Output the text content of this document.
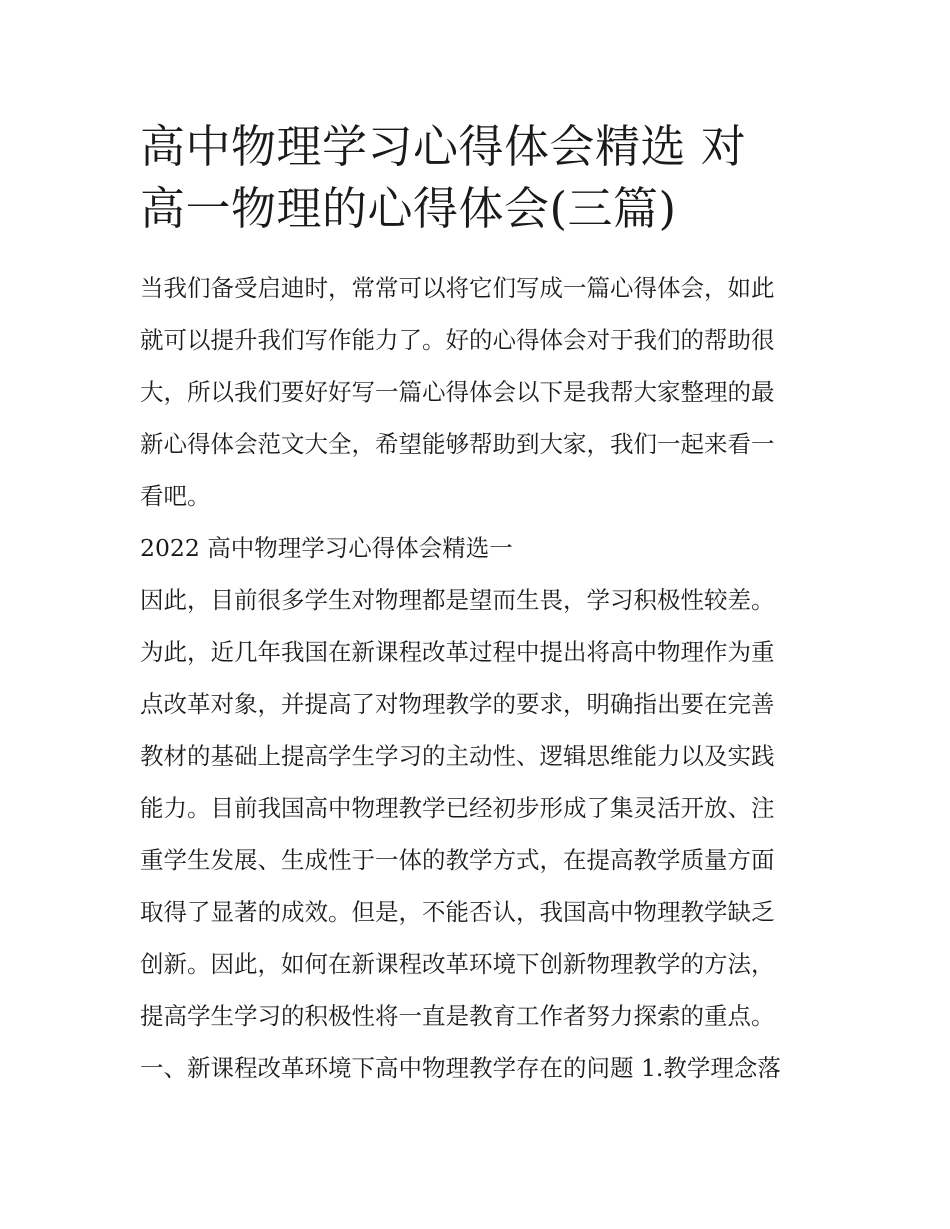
高中物理学习心得体会精选 对
高一物理的心得体会(三篇)
当我们备受启迪时，常常可以将它们写成一篇心得体会，如此
就可以提升我们写作能力了。好的心得体会对于我们的帮助很
大，所以我们要好好写一篇心得体会以下是我帮大家整理的最
新心得体会范文大全，希望能够帮助到大家，我们一起来看一
看吧。
2022 高中物理学习心得体会精选一
因此，目前很多学生对物理都是望而生畏，学习积极性较差。
为此，近几年我国在新课程改革过程中提出将高中物理作为重
点改革对象，并提高了对物理教学的要求，明确指出要在完善
教材的基础上提高学生学习的主动性、逻辑思维能力以及实践
能力。目前我国高中物理教学已经初步形成了集灵活开放、注
重学生发展、生成性于一体的教学方式，在提高教学质量方面
取得了显著的成效。但是，不能否认，我国高中物理教学缺乏
创新。因此，如何在新课程改革环境下创新物理教学的方法，
提高学生学习的积极性将一直是教育工作者努力探索的重点。
一、新课程改革环境下高中物理教学存在的问题 1.教学理念落
